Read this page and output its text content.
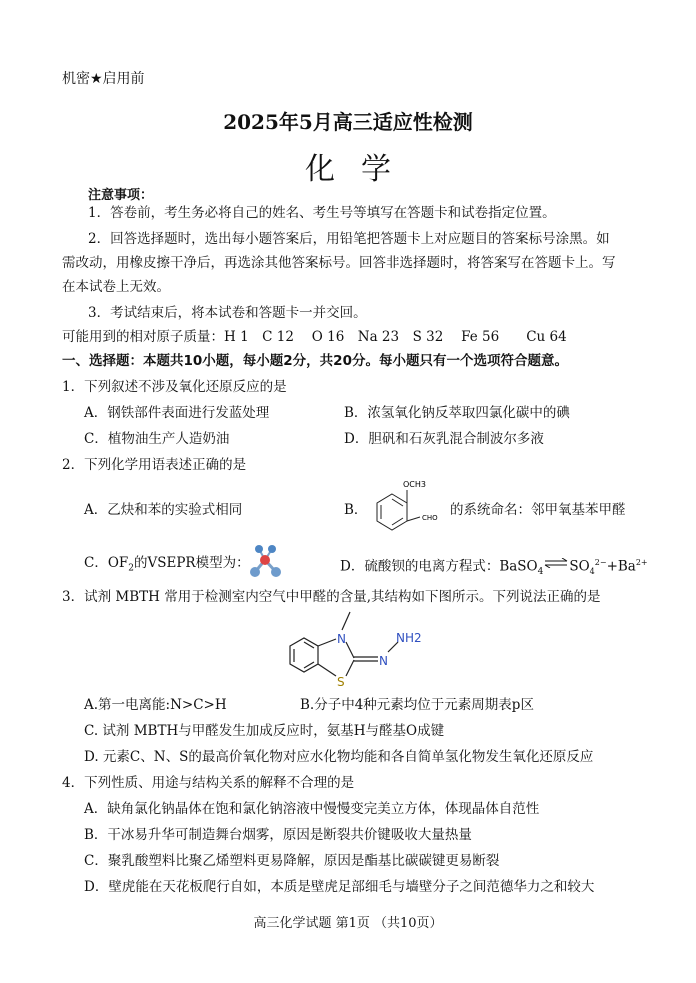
机密★启用前
2025年5月高三适应性检测
化学
注意事项：
1．答卷前，考生务必将自己的姓名、考生号等填写在答题卡和试卷指定位置。
2．回答选择题时，选出每小题答案后，用铅笔把答题卡上对应题目的答案标号涂黑。如
需改动，用橡皮擦干净后，再选涂其他答案标号。回答非选择题时，将答案写在答题卡上。写
在本试卷上无效。
3．考试结束后，将本试卷和答题卡一并交回。
可能用到的相对原子质量：H 1　C 12　 O 16　Na 23　S 32　 Fe 56　　Cu 64
一、选择题：本题共10小题，每小题2分，共20分。每小题只有一个选项符合题意。
1．下列叙述不涉及氧化还原反应的是
A．钢铁部件表面进行发蓝处理	B．浓氢氧化钠反萃取四氯化碳中的碘
C．植物油生产人造奶油	D．胆矾和石灰乳混合制波尔多液
2．下列化学用语表述正确的是
A．乙炔和苯的实验式相同	B．
OCH3
CHO 的系统命名：邻甲氧基苯甲醛
C．$OF_2$的VSEPR模型为：	D．硫酸钡的电离方程式：$BaSO_4\rightleftharpoons SO_4^{2-}+Ba^{2+}$
3．试剂 MBTH 常用于检测室内空气中甲醛的含量,其结构如下图所示。下列说法正确的是
N
S
N
NH2
A.第一电离能:N>C>H	B.分子中4种元素均位于元素周期表p区
C. 试剂 MBTH与甲醛发生加成反应时，氨基H与醛基O成键
D. 元素C、N、S的最高价氧化物对应水化物均能和各自简单氢化物发生氧化还原反应
4．下列性质、用途与结构关系的解释不合理的是
A．缺角氯化钠晶体在饱和氯化钠溶液中慢慢变完美立方体，体现晶体自范性
B．干冰易升华可制造舞台烟雾，原因是断裂共价键吸收大量热量
C．聚乳酸塑料比聚乙烯塑料更易降解，原因是酯基比碳碳键更易断裂
D．壁虎能在天花板爬行自如，本质是壁虎足部细毛与墙壁分子之间范德华力之和较大
高三化学试题 第1页 （共10页）
